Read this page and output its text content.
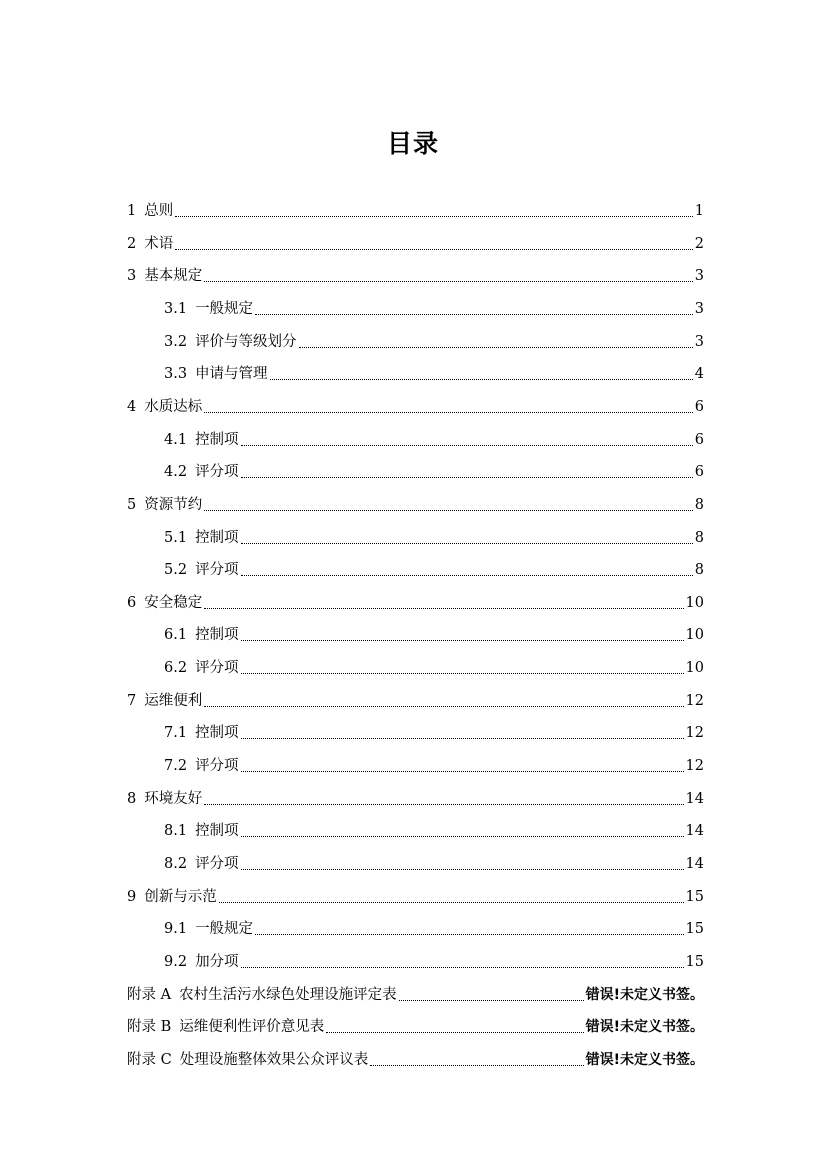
目录
1 总则	1
2 术语	2
3 基本规定	3
3.1 一般规定	3
3.2 评价与等级划分	3
3.3 申请与管理	4
4 水质达标	6
4.1 控制项	6
4.2 评分项	6
5 资源节约	8
5.1 控制项	8
5.2 评分项	8
6 安全稳定	10
6.1 控制项	10
6.2 评分项	10
7 运维便利	12
7.1 控制项	12
7.2 评分项	12
8 环境友好	14
8.1 控制项	14
8.2 评分项	14
9 创新与示范	15
9.1 一般规定	15
9.2 加分项	15
附录 A 农村生活污水绿色处理设施评定表	错误!未定义书签。
附录 B 运维便利性评价意见表	错误!未定义书签。
附录 C 处理设施整体效果公众评议表	错误!未定义书签。
